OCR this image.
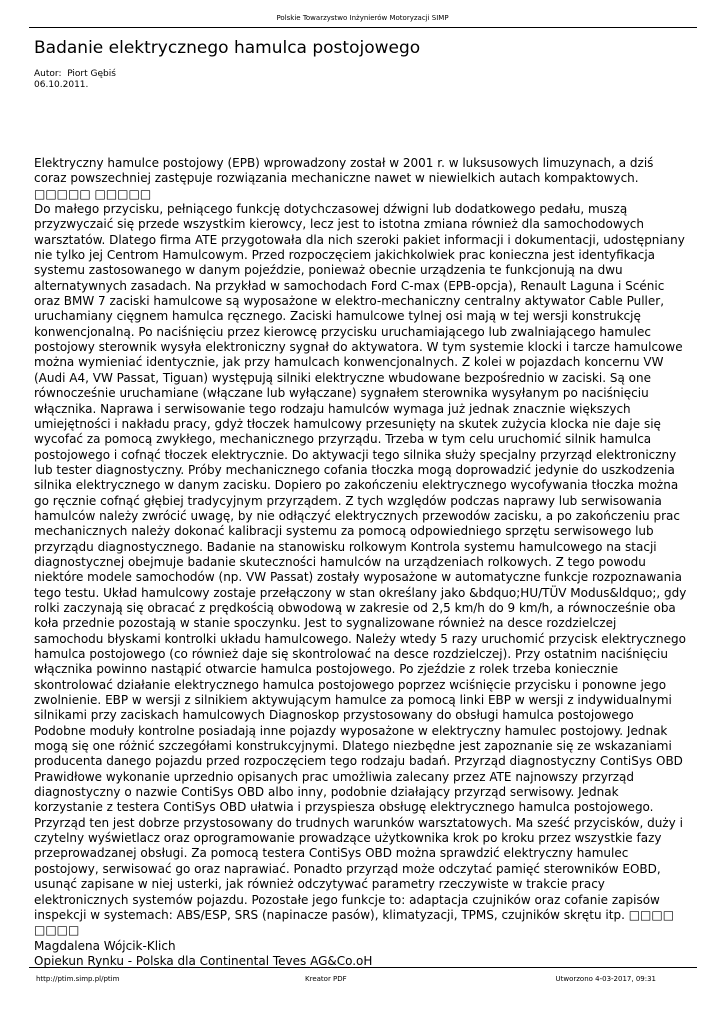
Polskie Towarzystwo Inżynierów Motoryzacji SIMP
Badanie elektrycznego hamulca postojowego
Autor:  Piort Gębiś
06.10.2011.

Elektryczny hamulce postojowy (EPB) wprowadzony został w 2001 r. w luksusowych limuzynach, a dziś coraz powszechniej zastępuje rozwiązania mechaniczne nawet w niewielkich autach kompaktowych. □□□□□ □□□□□

Do małego przycisku, pełniącego funkcję dotychczasowej dźwigni lub dodatkowego pedału, muszą przyzwyczaić się przede wszystkim kierowcy, lecz jest to istotna zmiana również dla samochodowych warsztatów. Dlatego firma ATE przygotowała dla nich szeroki pakiet informacji i dokumentacji, udostępniany nie tylko jej Centrom Hamulcowym. Przed rozpoczęciem jakichkolwiek prac konieczna jest identyfikacja systemu zastosowanego w danym pojeździe, ponieważ obecnie urządzenia te funkcjonują na dwu alternatywnych zasadach. Na przykład w samochodach Ford C-max (EPB-opcja), Renault Laguna i Scénic oraz BMW 7 zaciski hamulcowe są wyposażone w elektro-mechaniczny centralny aktywator Cable Puller, uruchamiany cięgnem hamulca ręcznego. Zaciski hamulcowe tylnej osi mają w tej wersji konstrukcję konwencjonalną. Po naciśnięciu przez kierowcę przycisku uruchamiającego lub zwalniającego hamulec postojowy sterownik wysyła elektroniczny sygnał do aktywatora. W tym systemie klocki i tarcze hamulcowe można wymieniać identycznie, jak przy hamulcach konwencjonalnych. Z kolei w pojazdach koncernu VW (Audi A4, VW Passat, Tiguan) występują silniki elektryczne wbudowane bezpośrednio w zaciski. Są one równocześnie uruchamiane (włączane lub wyłączane) sygnałem sterownika wysyłanym po naciśnięciu włącznika. Naprawa i serwisowanie tego rodzaju hamulców wymaga już jednak znacznie większych umiejętności i nakładu pracy, gdyż tłoczek hamulcowy przesunięty na skutek zużycia klocka nie daje się wycofać za pomocą zwykłego, mechanicznego przyrządu. Trzeba w tym celu uruchomić silnik hamulca postojowego i cofnąć tłoczek elektrycznie. Do aktywacji tego silnika służy specjalny przyrząd elektroniczny lub tester diagnostyczny. Próby mechanicznego cofania tłoczka mogą doprowadzić jedynie do uszkodzenia silnika elektrycznego w danym zacisku. Dopiero po zakończeniu elektrycznego wycofywania tłoczka można go ręcznie cofnąć głębiej tradycyjnym przyrządem. Z tych względów podczas naprawy lub serwisowania hamulców należy zwrócić uwagę, by nie odłączyć elektrycznych przewodów zacisku, a po zakończeniu prac mechanicznych należy dokonać kalibracji systemu za pomocą odpowiedniego sprzętu serwisowego lub przyrządu diagnostycznego. Badanie na stanowisku rolkowym Kontrola systemu hamulcowego na stacji diagnostycznej obejmuje badanie skuteczności hamulców na urządzeniach rolkowych. Z tego powodu niektóre modele samochodów (np. VW Passat) zostały wyposażone w automatyczne funkcje rozpoznawania tego testu. Układ hamulcowy zostaje przełączony w stan określany jako &bdquo;HU/TÜV Modus&ldquo;, gdy rolki zaczynają się obracać z prędkością obwodową w zakresie od 2,5 km/h do 9 km/h, a równocześnie oba koła przednie pozostają w stanie spoczynku. Jest to sygnalizowane również na desce rozdzielczej samochodu błyskami kontrolki układu hamulcowego. Należy wtedy 5 razy uruchomić przycisk elektrycznego hamulca postojowego (co również daje się skontrolować na desce rozdzielczej). Przy ostatnim naciśnięciu włącznika powinno nastąpić otwarcie hamulca postojowego. Po zjeździe z rolek trzeba koniecznie skontrolować działanie elektrycznego hamulca postojowego poprzez wciśnięcie przycisku i ponowne jego zwolnienie. EBP w wersji z silnikiem aktywującym hamulce za pomocą linki EBP w wersji z indywidualnymi silnikami przy zaciskach hamulcowych Diagnoskop przystosowany do obsługi hamulca postojowego Podobne moduły kontrolne posiadają inne pojazdy wyposażone w elektryczny hamulec postojowy. Jednak mogą się one różnić szczegółami konstrukcyjnymi. Dlatego niezbędne jest zapoznanie się ze wskazaniami producenta danego pojazdu przed rozpoczęciem tego rodzaju badań. Przyrząd diagnostyczny ContiSys OBD Prawidłowe wykonanie uprzednio opisanych prac umożliwia zalecany przez ATE najnowszy przyrząd diagnostyczny o nazwie ContiSys OBD albo inny, podobnie działający przyrząd serwisowy. Jednak korzystanie z testera ContiSys OBD ułatwia i przyspiesza obsługę elektrycznego hamulca postojowego. Przyrząd ten jest dobrze przystosowany do trudnych warunków warsztatowych. Ma sześć przycisków, duży i czytelny wyświetlacz oraz oprogramowanie prowadzące użytkownika krok po kroku przez wszystkie fazy przeprowadzanej obsługi. Za pomocą testera ContiSys OBD można sprawdzić elektryczny hamulec postojowy, serwisować go oraz naprawiać. Ponadto przyrząd może odczytać pamięć sterowników EOBD, usunąć zapisane w niej usterki, jak również odczytywać parametry rzeczywiste w trakcie pracy elektronicznych systemów pojazdu. Pozostałe jego funkcje to: adaptacja czujników oraz cofanie zapisów inspekcji w systemach: ABS/ESP, SRS (napinacze pasów), klimatyzacji, TPMS, czujników skrętu itp. □□□□ □□□□

Magdalena Wójcik-Klich

Opiekun Rynku - Polska dla Continental Teves AG&Co.oH

http://ptim.simp.pl/ptim	Kreator PDF	Utworzono 4-03-2017, 09:31
